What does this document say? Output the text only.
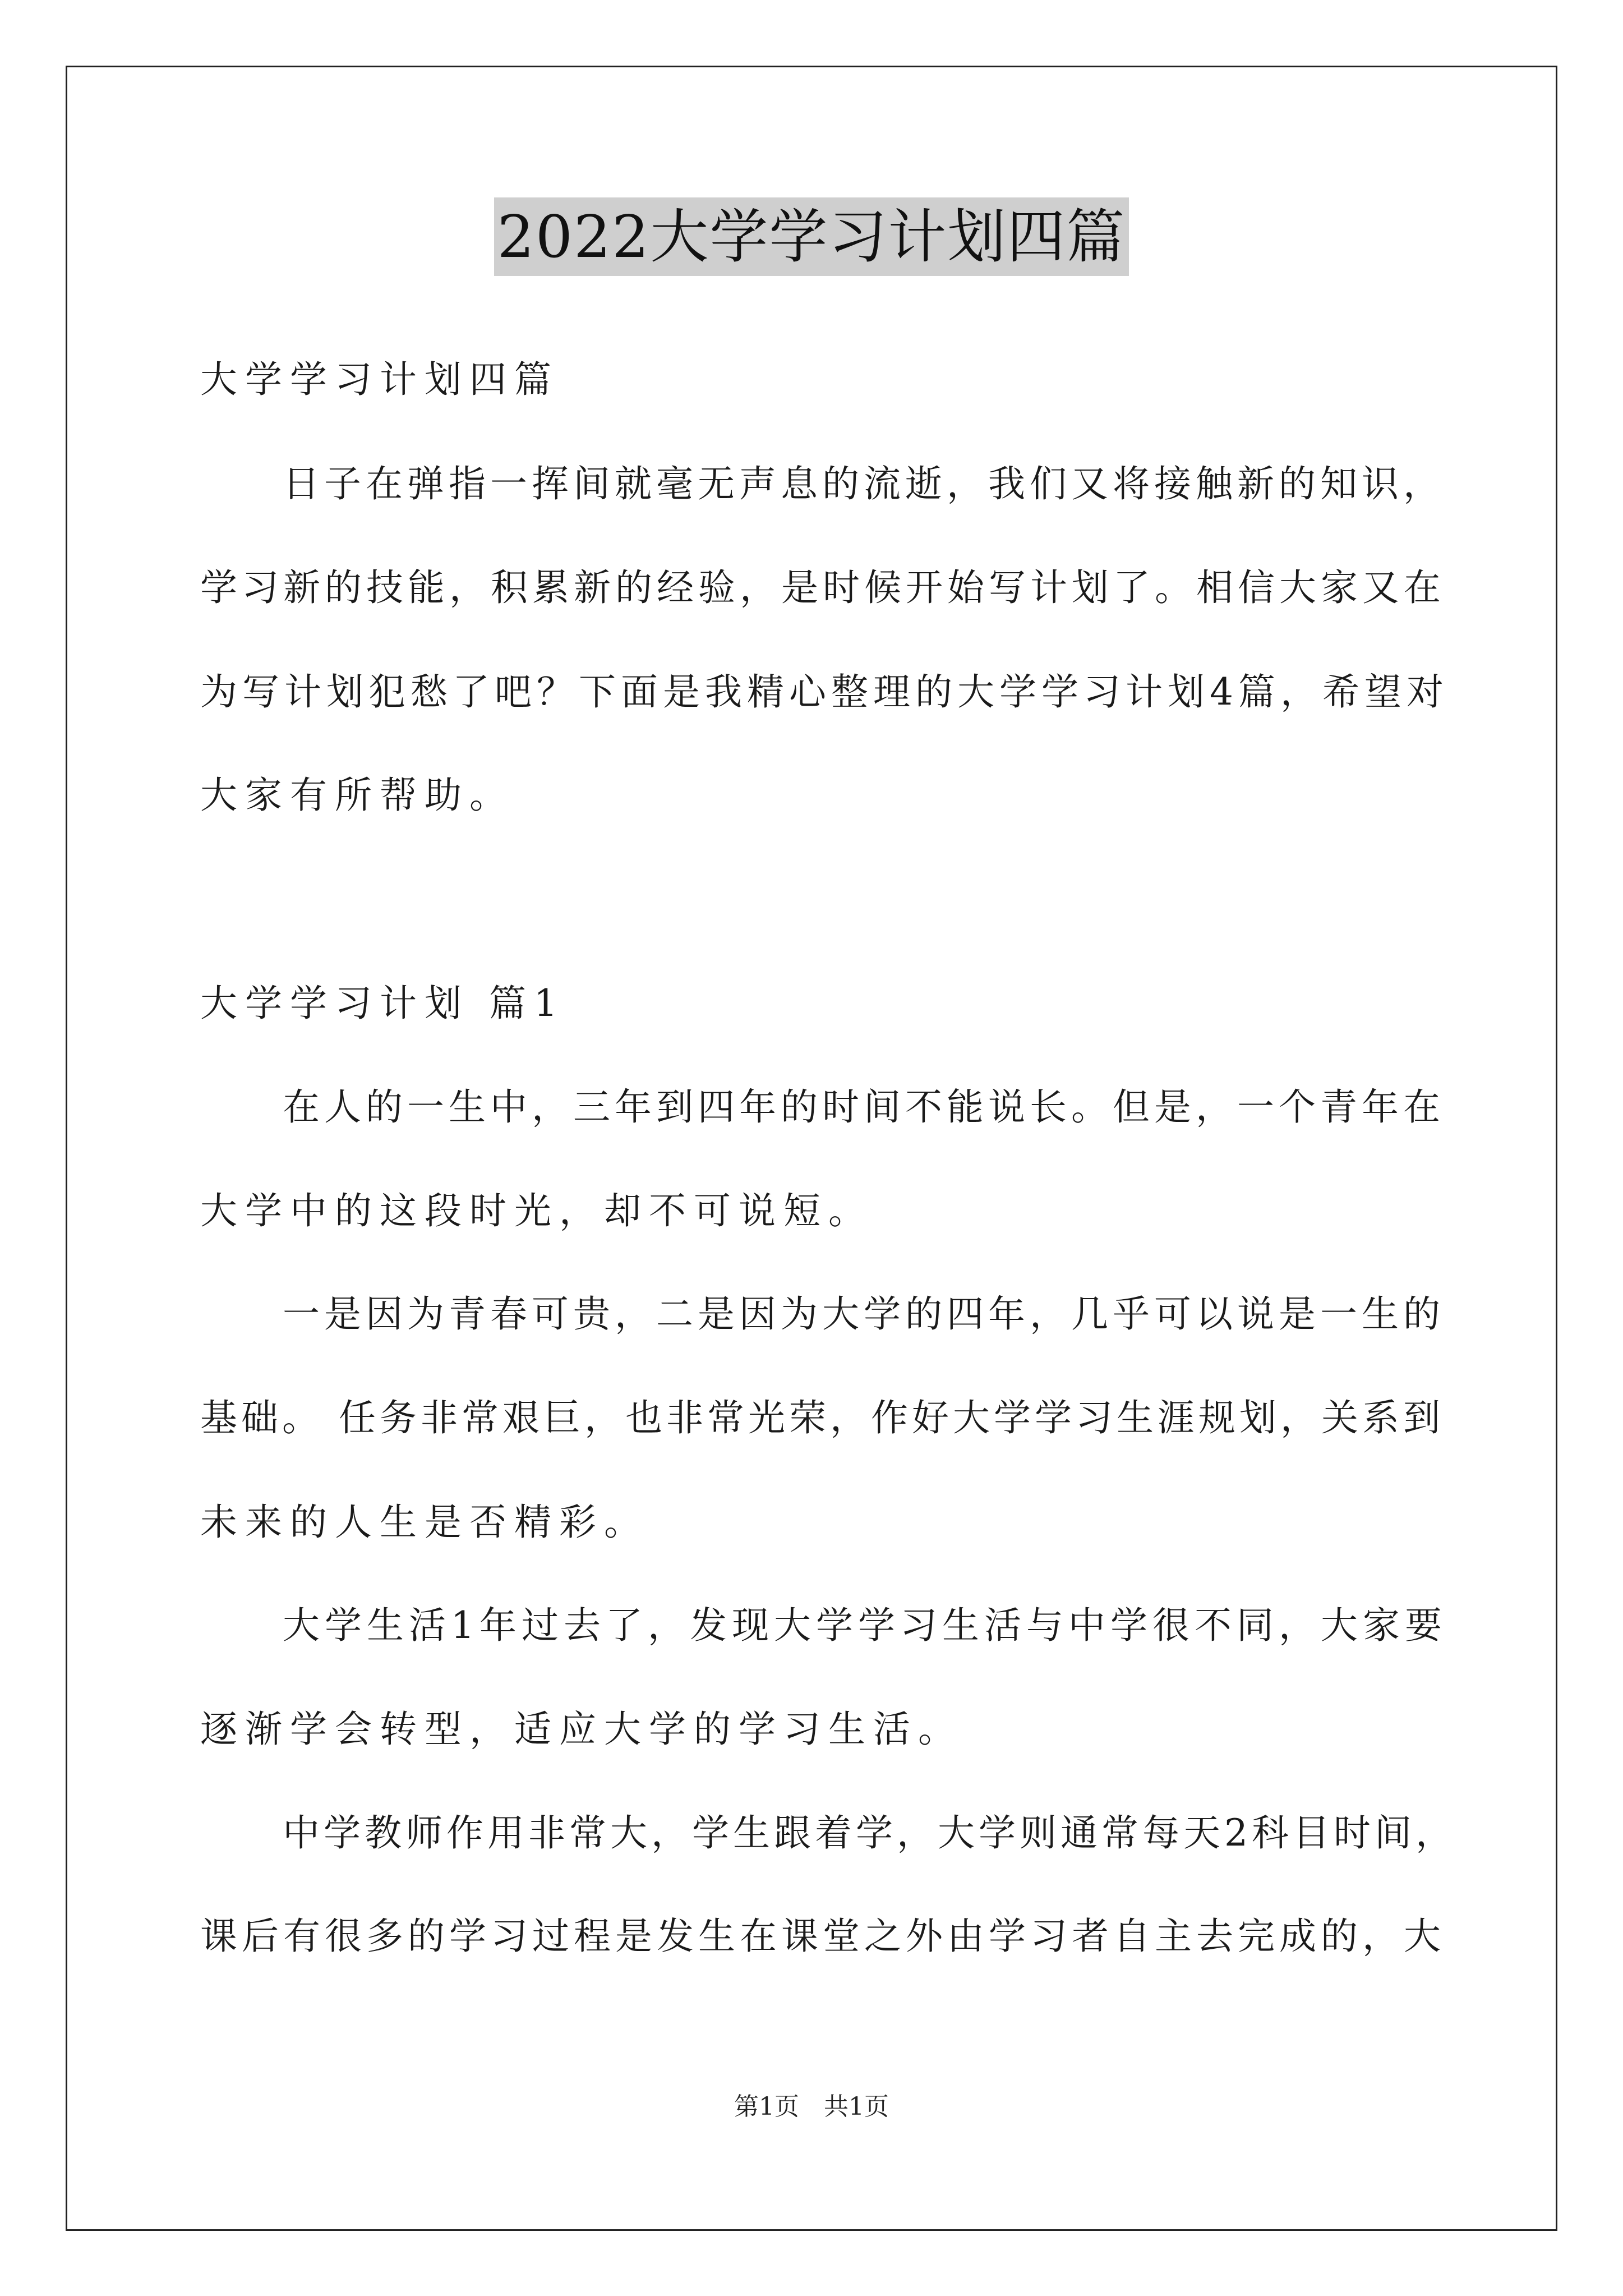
2022大学学习计划四篇
大学学习计划四篇
日子在弹指一挥间就毫无声息的流逝，我们又将接触新的知识，
学习新的技能，积累新的经验，是时候开始写计划了。相信大家又在
为写计划犯愁了吧？下面是我精心整理的大学学习计划4篇，希望对
大家有所帮助。
大学学习计划 篇1
在人的一生中，三年到四年的时间不能说长。但是，一个青年在
大学中的这段时光，却不可说短。
一是因为青春可贵，二是因为大学的四年，几乎可以说是一生的
基础。 任务非常艰巨，也非常光荣，作好大学学习生涯规划，关系到
未来的人生是否精彩。
大学生活1年过去了，发现大学学习生活与中学很不同，大家要
逐渐学会转型，适应大学的学习生活。
中学教师作用非常大，学生跟着学，大学则通常每天2科目时间，
课后有很多的学习过程是发生在课堂之外由学习者自主去完成的，大
第1页　共1页
